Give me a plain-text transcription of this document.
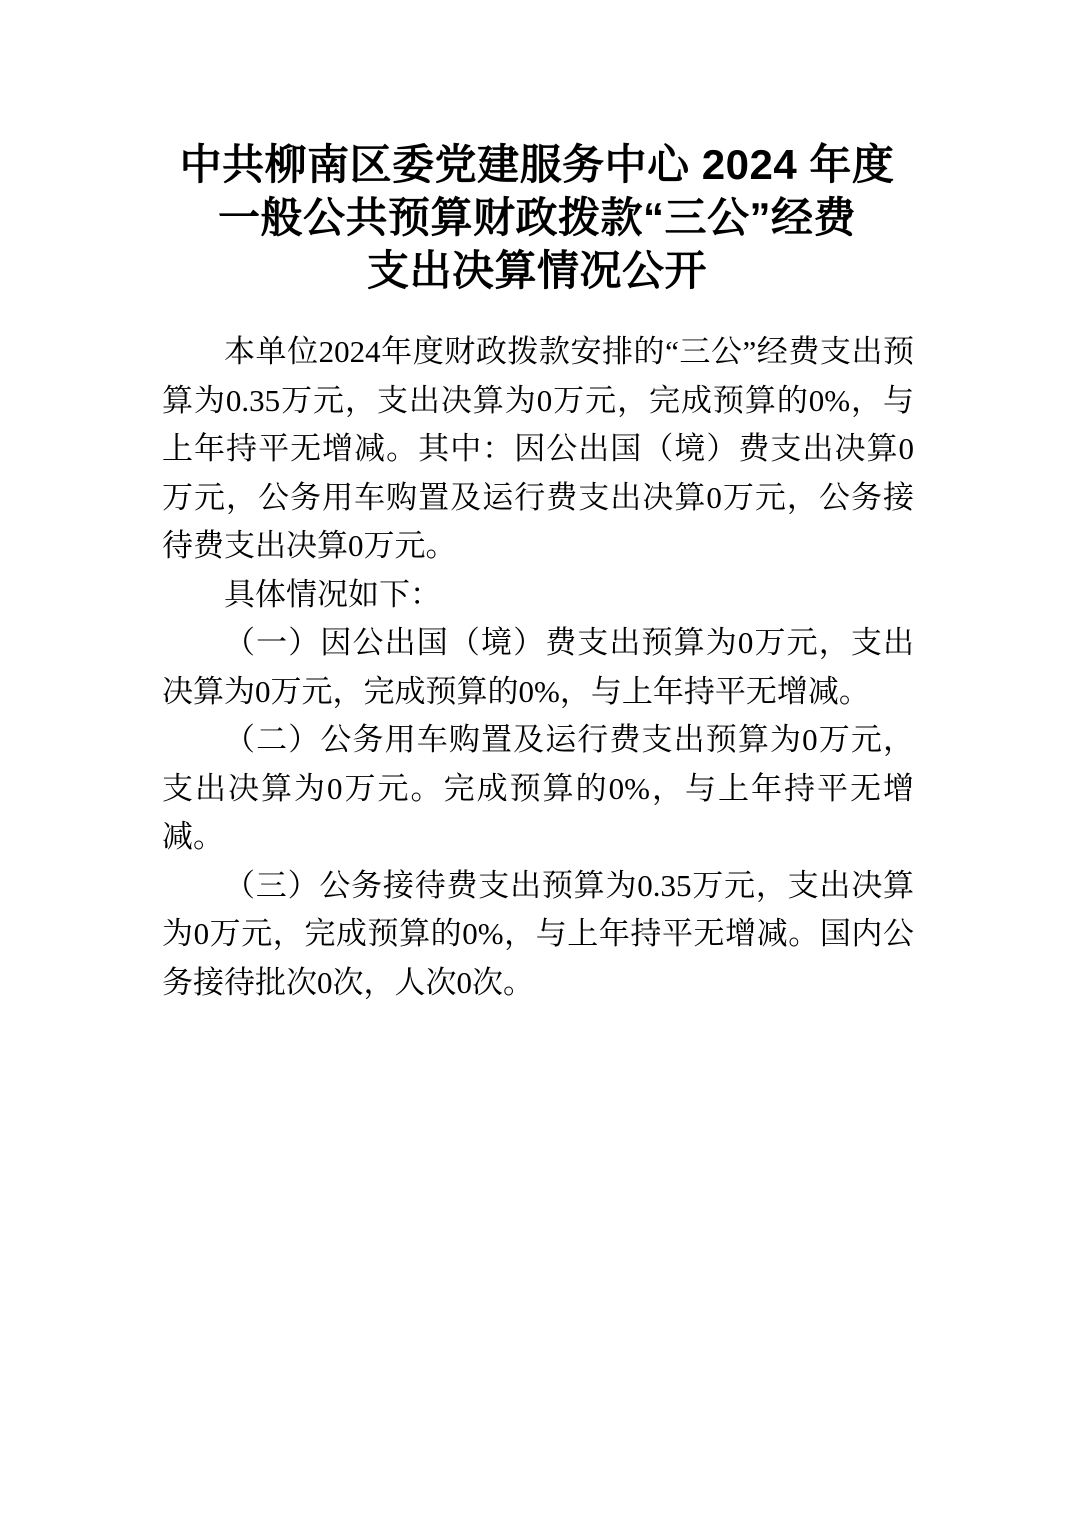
中共柳南区委党建服务中心 2024 年度
一般公共预算财政拨款“三公”经费
支出决算情况公开

本单位2024年度财政拨款安排的“三公”经费支出预算为0.35万元，支出决算为0万元，完成预算的0%，与上年持平无增减。其中：因公出国（境）费支出决算0万元，公务用车购置及运行费支出决算0万元，公务接待费支出决算0万元。

具体情况如下：

（一）因公出国（境）费支出预算为0万元，支出决算为0万元，完成预算的0%，与上年持平无增减。

（二）公务用车购置及运行费支出预算为0万元，支出决算为0万元。完成预算的0%，与上年持平无增减。

（三）公务接待费支出预算为0.35万元，支出决算为0万元，完成预算的0%，与上年持平无增减。国内公务接待批次0次，人次0次。
